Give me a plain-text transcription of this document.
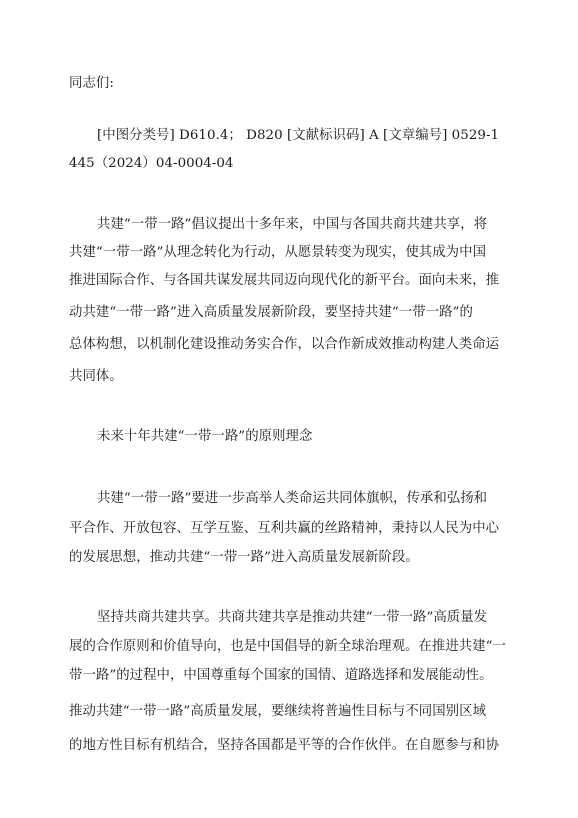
同志们:
[中图分类号] D610.4； D820 [文献标识码] A [文章编号] 0529-1
445（2024）04-0004-04
共建“一带一路”倡议提出十多年来，中国与各国共商共建共享，将
共建“一带一路”从理念转化为行动，从愿景转变为现实，使其成为中国
推进国际合作、与各国共谋发展共同迈向现代化的新平台。面向未来，推
动共建“一带一路”进入高质量发展新阶段，要坚持共建“一带一路”的
总体构想，以机制化建设推动务实合作，以合作新成效推动构建人类命运
共同体。
未来十年共建“一带一路”的原则理念
共建“一带一路”要进一步高举人类命运共同体旗帜，传承和弘扬和
平合作、开放包容、互学互鉴、互利共赢的丝路精神，秉持以人民为中心
的发展思想，推动共建“一带一路”进入高质量发展新阶段。
坚持共商共建共享。共商共建共享是推动共建“一带一路”高质量发
展的合作原则和价值导向，也是中国倡导的新全球治理观。在推进共建“一
带一路”的过程中，中国尊重每个国家的国情、道路选择和发展能动性。
推动共建“一带一路”高质量发展，要继续将普遍性目标与不同国别区域
的地方性目标有机结合，坚持各国都是平等的合作伙伴。在自愿参与和协
